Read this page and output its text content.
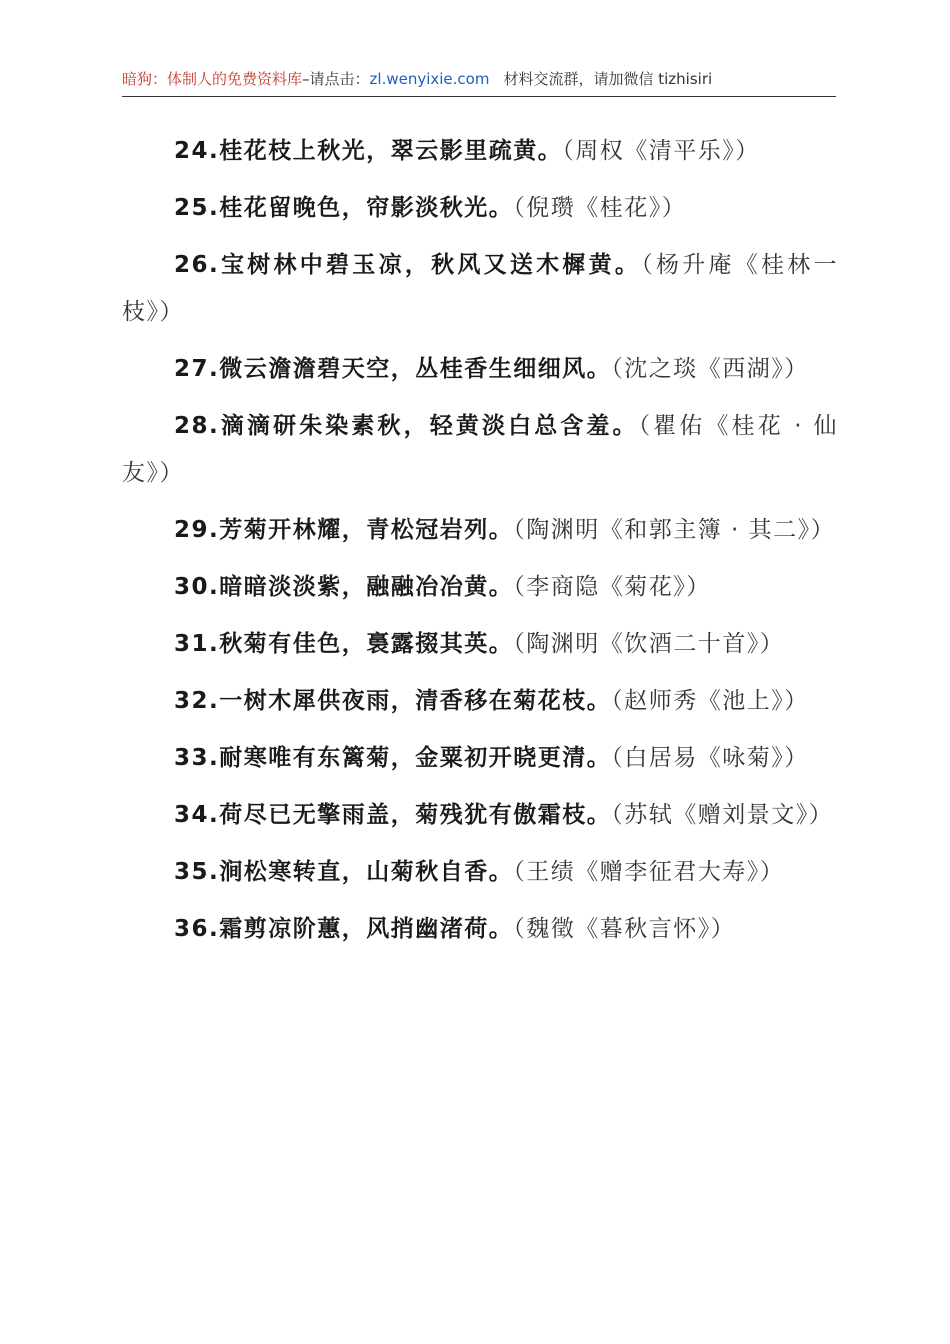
暗狗：体制人的免费资料库 –请点击： zl.wenyixie.com 材料交流群，请加微信 tizhisiri

24.桂花枝上秋光，翠云影里疏黄。（周权《清平乐》）

25.桂花留晚色，帘影淡秋光。（倪瓒《桂花》）

26.宝树林中碧玉凉，秋风又送木樨黄。（杨升庵《桂林一枝》）

27.微云澹澹碧天空，丛桂香生细细风。（沈之琰《西湖》）

28.滴滴研朱染素秋，轻黄淡白总含羞。（瞿佑《桂花 · 仙友》）

29.芳菊开林耀，青松冠岩列。（陶渊明《和郭主簿 · 其二》）

30.暗暗淡淡紫，融融冶冶黄。（李商隐《菊花》）

31.秋菊有佳色，裛露掇其英。（陶渊明《饮酒二十首》）

32.一树木犀供夜雨，清香移在菊花枝。（赵师秀《池上》）

33.耐寒唯有东篱菊，金粟初开晓更清。（白居易《咏菊》）

34.荷尽已无擎雨盖，菊残犹有傲霜枝。（苏轼《赠刘景文》）

35.涧松寒转直，山菊秋自香。（王绩《赠李征君大寿》）

36.霜剪凉阶蕙，风捎幽渚荷。（魏徵《暮秋言怀》）
